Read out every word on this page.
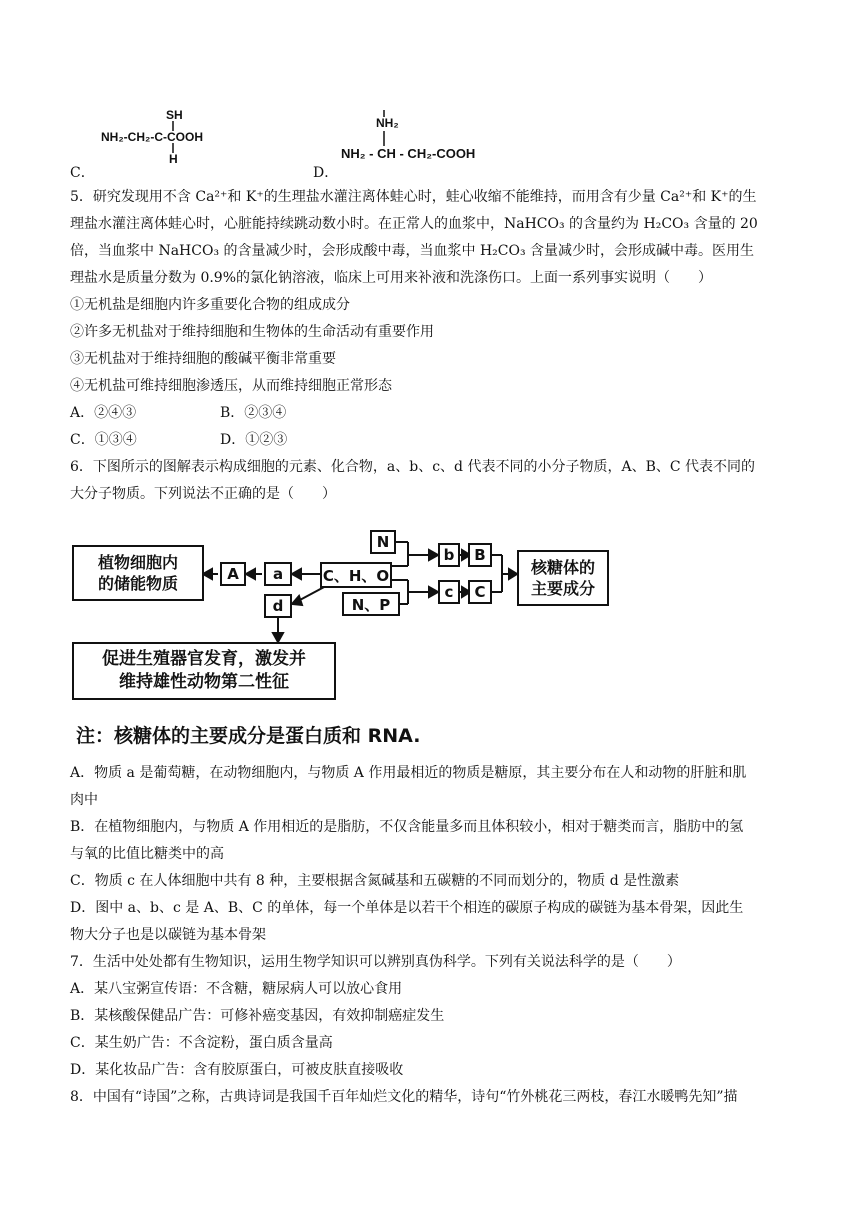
C．
SH
NH₂-CH₂-C-COOH
H
D．
NH₂
NH₂ - CH - CH₂-COOH
5．研究发现用不含 Ca²⁺和 K⁺的生理盐水灌注离体蛙心时，蛙心收缩不能维持，而用含有少量 Ca²⁺和 K⁺的生
理盐水灌注离体蛙心时，心脏能持续跳动数小时。在正常人的血浆中，NaHCO₃ 的含量约为 H₂CO₃ 含量的 20
倍，当血浆中 NaHCO₃ 的含量减少时，会形成酸中毒，当血浆中 H₂CO₃ 含量减少时，会形成碱中毒。医用生
理盐水是质量分数为 0.9%的氯化钠溶液，临床上可用来补液和洗涤伤口。上面一系列事实说明（　　）
①无机盐是细胞内许多重要化合物的组成成分
②许多无机盐对于维持细胞和生物体的生命活动有重要作用
③无机盐对于维持细胞的酸碱平衡非常重要
④无机盐可维持细胞渗透压，从而维持细胞正常形态
A．②④③	B．②③④
C．①③④	D．①②③
6．下图所示的图解表示构成细胞的元素、化合物，a、b、c、d 代表不同的小分子物质，A、B、C 代表不同的
大分子物质。下列说法不正确的是（　　）
植物细胞内
的储能物质	A	a	C、H、O
N
N、P
d
b	B
c	C
核糖体的
主要成分
促进生殖器官发育，激发并
维持雄性动物第二性征
注：核糖体的主要成分是蛋白质和 RNA.
A．物质 a 是葡萄糖，在动物细胞内，与物质 A 作用最相近的物质是糖原，其主要分布在人和动物的肝脏和肌
肉中
B．在植物细胞内，与物质 A 作用相近的是脂肪，不仅含能量多而且体积较小，相对于糖类而言，脂肪中的氢
与氧的比值比糖类中的高
C．物质 c 在人体细胞中共有 8 种，主要根据含氮碱基和五碳糖的不同而划分的，物质 d 是性激素
D．图中 a、b、c 是 A、B、C 的单体，每一个单体是以若干个相连的碳原子构成的碳链为基本骨架，因此生
物大分子也是以碳链为基本骨架
7．生活中处处都有生物知识，运用生物学知识可以辨别真伪科学。下列有关说法科学的是（　　）
A．某八宝粥宣传语：不含糖，糖尿病人可以放心食用
B．某核酸保健品广告：可修补癌变基因，有效抑制癌症发生
C．某生奶广告：不含淀粉，蛋白质含量高
D．某化妆品广告：含有胶原蛋白，可被皮肤直接吸收
8．中国有“诗国”之称，古典诗词是我国千百年灿烂文化的精华，诗句“竹外桃花三两枝，春江水暖鸭先知”描
